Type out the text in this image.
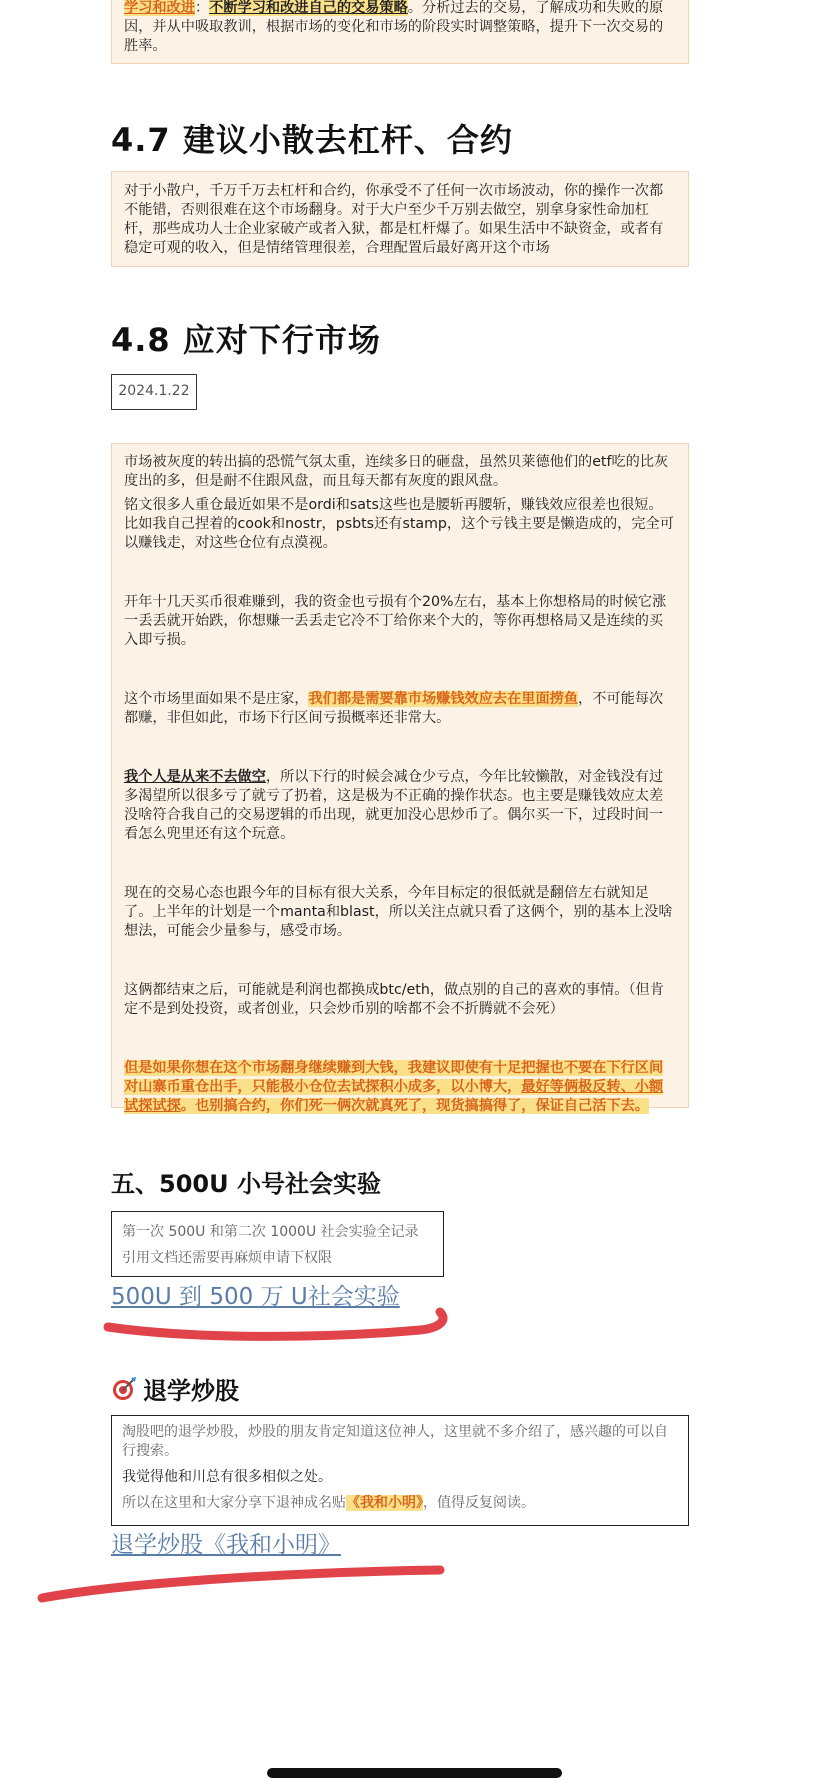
学习和改进：不断学习和改进自己的交易策略。分析过去的交易，了解成功和失败的原因，并从中吸取教训，根据市场的变化和市场的阶段实时调整策略，提升下一次交易的胜率。

4.7 建议小散去杠杆、合约

对于小散户，千万千万去杠杆和合约，你承受不了任何一次市场波动，你的操作一次都不能错，否则很难在这个市场翻身。对于大户至少千万别去做空，别拿身家性命加杠杆，那些成功人士企业家破产或者入狱，都是杠杆爆了。如果生活中不缺资金，或者有稳定可观的收入，但是情绪管理很差，合理配置后最好离开这个市场

4.8 应对下行市场
2024.1.22

市场被灰度的转出搞的恐慌气氛太重，连续多日的砸盘，虽然贝莱德他们的etf吃的比灰度出的多，但是耐不住跟风盘，而且每天都有灰度的跟风盘。

铭文很多人重仓最近如果不是ordi和sats这些也是腰斩再腰斩，赚钱效应很差也很短。比如我自己捏着的cook和nostr，psbts还有stamp，这个亏钱主要是懒造成的，完全可以赚钱走，对这些仓位有点漠视。

开年十几天买币很难赚到，我的资金也亏损有个20%左右，基本上你想格局的时候它涨一丢丢就开始跌，你想赚一丢丢走它冷不丁给你来个大的，等你再想格局又是连续的买入即亏损。

这个市场里面如果不是庄家，我们都是需要靠市场赚钱效应去在里面捞鱼，不可能每次都赚，非但如此，市场下行区间亏损概率还非常大。

我个人是从来不去做空，所以下行的时候会减仓少亏点，今年比较懒散，对金钱没有过多渴望所以很多亏了就亏了扔着，这是极为不正确的操作状态。也主要是赚钱效应太差没啥符合我自己的交易逻辑的币出现，就更加没心思炒币了。偶尔买一下，过段时间一看怎么兜里还有这个玩意。

现在的交易心态也跟今年的目标有很大关系，今年目标定的很低就是翻倍左右就知足了。上半年的计划是一个manta和blast，所以关注点就只看了这俩个，别的基本上没啥想法，可能会少量参与，感受市场。

这俩都结束之后，可能就是利润也都换成btc/eth，做点别的自己的喜欢的事情。（但肯定不是到处投资，或者创业，只会炒币别的啥都不会不折腾就不会死）

但是如果你想在这个市场翻身继续赚到大钱，我建议即使有十足把握也不要在下行区间对山寨币重仓出手，只能极小仓位去试探积小成多，以小博大，最好等俩极反转、小额试探试探。也别搞合约，你们死一俩次就真死了，现货搞搞得了，保证自己活下去。

五、500U 小号社会实验
第一次 500U 和第二次 1000U 社会实验全记录
引用文档还需要再麻烦申请下权限
500U 到 500 万 U社会实验
退学炒股

淘股吧的退学炒股，炒股的朋友肯定知道这位神人，这里就不多介绍了，感兴趣的可以自行搜索。

我觉得他和川总有很多相似之处。

所以在这里和大家分享下退神成名贴《我和小明》，值得反复阅读。

退学炒股《我和小明》
